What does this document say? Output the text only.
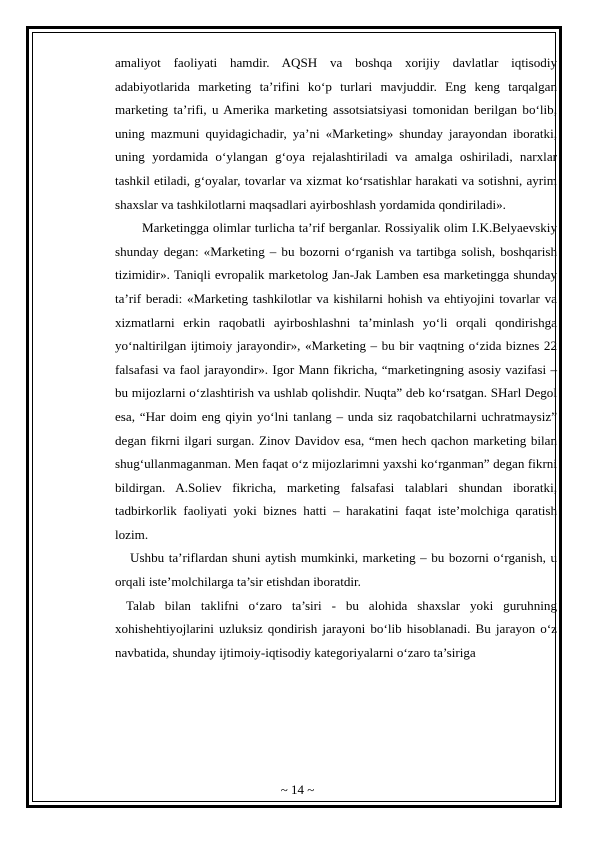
amaliyot faoliyati hamdir. AQSH va boshqa xorijiy davlatlar iqtisodiy adabiyotlarida marketing ta’rifini ko‘p turlari mavjuddir. Eng keng tarqalgan marketing ta’rifi, u Amerika marketing assotsiatsiyasi tomonidan berilgan bo‘lib, uning mazmuni quyidagichadir, ya’ni «Marketing» shunday jarayondan iboratki, uning yordamida o‘ylangan g‘oya rejalashtiriladi va amalga oshiriladi, narxlar tashkil etiladi, g‘oyalar, tovarlar va xizmat ko‘rsatishlar harakati va sotishni, ayrim shaxslar va tashkilotlarni maqsadlari ayirboshlash yordamida qondiriladi».

Marketingga olimlar turlicha ta’rif berganlar. Rossiyalik olim I.K.Belyaevskiy shunday degan: «Marketing – bu bozorni o‘rganish va tartibga solish, boshqarish tizimidir». Taniqli evropalik marketolog Jan-Jak Lamben esa marketingga shunday ta’rif beradi: «Marketing tashkilotlar va kishilarni hohish va ehtiyojini tovarlar va xizmatlarni erkin raqobatli ayirboshlashni ta’minlash yo‘li orqali qondirishga yo‘naltirilgan ijtimoiy jarayondir», «Marketing – bu bir vaqtning o‘zida biznes 22 falsafasi va faol jarayondir». Igor Mann fikricha, “marketingning asosiy vazifasi – bu mijozlarni o‘zlashtirish va ushlab qolishdir. Nuqta” deb ko‘rsatgan. SHarl Degol esa, “Har doim eng qiyin yo‘lni tanlang – unda siz raqobatchilarni uchratmaysiz” degan fikrni ilgari surgan. Zinov Davidov esa, “men hech qachon marketing bilan shug‘ullanmaganman. Men faqat o‘z mijozlarimni yaxshi ko‘rganman” degan fikrni bildirgan. A.Soliev fikricha, marketing falsafasi talablari shundan iboratki, tadbirkorlik faoliyati yoki biznes hatti – harakatini faqat iste’molchiga qaratish lozim.

Ushbu ta’riflardan shuni aytish mumkinki, marketing – bu bozorni o‘rganish, u orqali iste’molchilarga ta’sir etishdan iboratdir.

Talab bilan taklifni o‘zaro ta’siri - bu alohida shaxslar yoki guruhning xohishehtiyojlarini uzluksiz qondirish jarayoni bo‘lib hisoblanadi. Bu jarayon o‘z navbatida, shunday ijtimoiy-iqtisodiy kategoriyalarni o‘zaro ta’siriga

~ 14 ~
